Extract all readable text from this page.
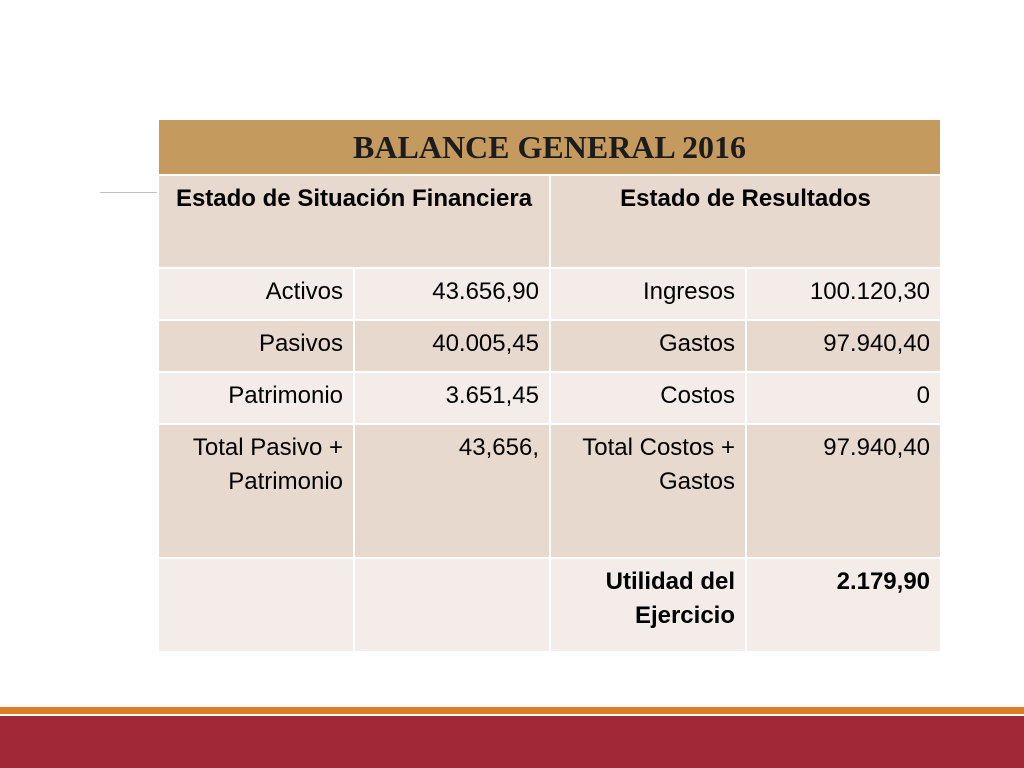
BALANCE GENERAL 2016			
Estado de Situación Financiera		Estado de Resultados	
Activos	43.656,90	Ingresos	100.120,30
Pasivos	40.005,45	Gastos	97.940,40
Patrimonio	3.651,45	Costos	0
Total Pasivo + Patrimonio	43,656,	Total Costos + Gastos	97.940,40
		Utilidad del Ejercicio	2.179,90
